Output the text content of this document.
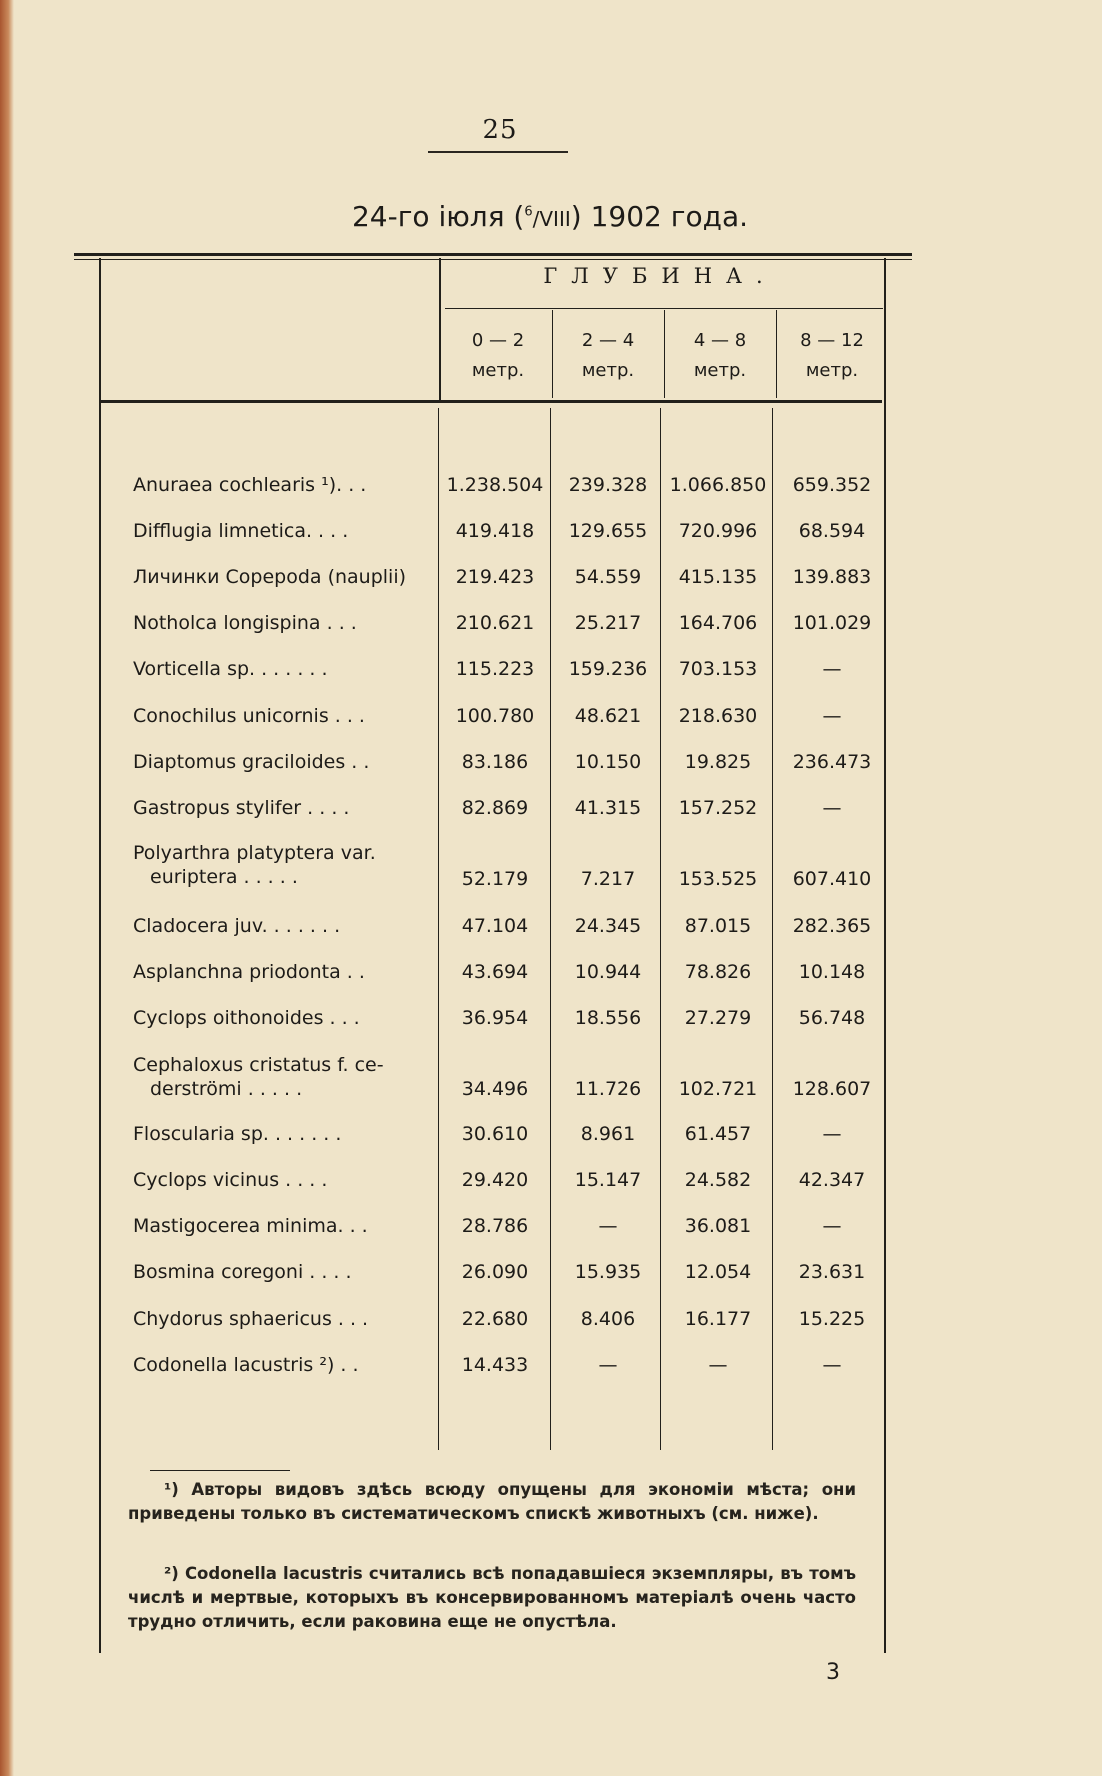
25
24-го іюля ($^6$/VIII) 1902 года.
ГЛУБИНА.
0 — 2
метр.
2 — 4
метр.
4 — 8
метр.
8 — 12
метр.
Anuraea cochlearis ¹). . .	1.238.504	239.328	1.066.850	659.352
Difflugia limnetica. . . .	419.418	129.655	720.996	68.594
Личинки Copepoda (nauplii)	219.423	54.559	415.135	139.883
Notholca longispina . . .	210.621	25.217	164.706	101.029
Vorticella sp. . . . . . .	115.223	159.236	703.153	—
Conochilus unicornis . . .	100.780	48.621	218.630	—
Diaptomus graciloides . .	83.186	10.150	19.825	236.473
Gastropus stylifer . . . .	82.869	41.315	157.252	—
Polyarthra platyptera var.
euriptera . . . . .	52.179	7.217	153.525	607.410
Cladocera juv. . . . . . .	47.104	24.345	87.015	282.365
Asplanchna priodonta . .	43.694	10.944	78.826	10.148
Cyclops oithonoides . . .	36.954	18.556	27.279	56.748
Cephaloxus cristatus f. ce-
derströmi . . . . .	34.496	11.726	102.721	128.607
Floscularia sp. . . . . . .	30.610	8.961	61.457	—
Cyclops vicinus . . . .	29.420	15.147	24.582	42.347
Mastigocerea minima. . .	28.786	—	36.081	—
Bosmina coregoni . . . .	26.090	15.935	12.054	23.631
Chydorus sphaericus . . .	22.680	8.406	16.177	15.225
Codonella lacustris ²) . .	14.433	—	—	—
¹) Авторы видовъ здѣсь всюду опущены для экономіи мѣста; они приведены только въ систематическомъ спискѣ животныхъ (см. ниже).
²) Codonella lacustris считались всѣ попадавшіеся экземпляры, въ томъ числѣ и мертвые, которыхъ въ консервированномъ матеріалѣ очень часто трудно отличить, если раковина еще не опустѣла.
3
